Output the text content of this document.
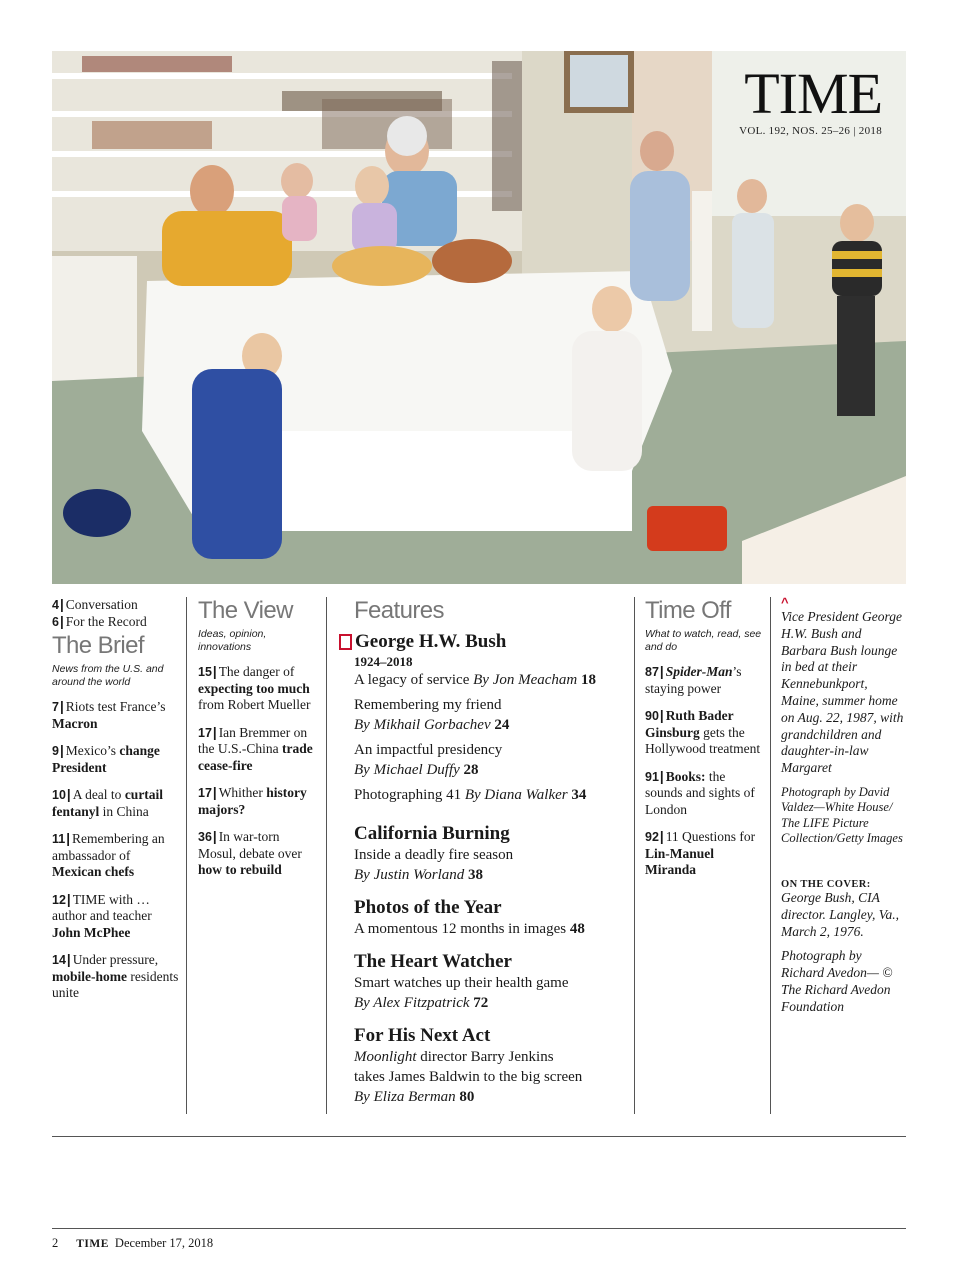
TIME
VOL. 192, NOS. 25–26 | 2018
4| Conversation
6| For the Record
The Brief
News from the U.S. and around the world
7| Riots test France’s Macron
9| Mexico’s change President
10| A deal to curtail fentanyl in China
11| Remembering an ambassador of Mexican chefs
12| TIME with … author and teacher John McPhee
14| Under pressure, mobile-home residents unite
The View
Ideas, opinion, innovations
15| The danger of expecting too much from Robert Mueller
17| Ian Bremmer on the U.S.-China trade cease-fire
17| Whither history majors?
36| In war-torn Mosul, debate over how to rebuild
Features
George H.W. Bush
1924–2018
A legacy of service By Jon Meacham 18
Remembering my friend
By Mikhail Gorbachev 24
An impactful presidency
By Michael Duffy 28
Photographing 41 By Diana Walker 34
California Burning
Inside a deadly fire season
By Justin Worland 38
Photos of the Year
A momentous 12 months in images 48
The Heart Watcher
Smart watches up their health game
By Alex Fitzpatrick 72
For His Next Act
Moonlight director Barry Jenkins
takes James Baldwin to the big screen
By Eliza Berman 80
Time Off
What to watch, read, see and do
87| Spider-Man’s staying power
90| Ruth Bader Ginsburg gets the Hollywood treatment
91| Books: the sounds and sights of London
92| 11 Questions for Lin-Manuel Miranda
^
Vice President George H.W. Bush and Barbara Bush lounge in bed at their Kennebunkport, Maine, summer home on Aug. 22, 1987, with grandchildren and daughter-in-law Margaret
Photograph by David Valdez—White House/ The LIFE Picture Collection/Getty Images
ON THE COVER:
George Bush, CIA director. Langley, Va., March 2, 1976.
Photograph by Richard Avedon— © The Richard Avedon Foundation
2 TIME December 17, 2018
